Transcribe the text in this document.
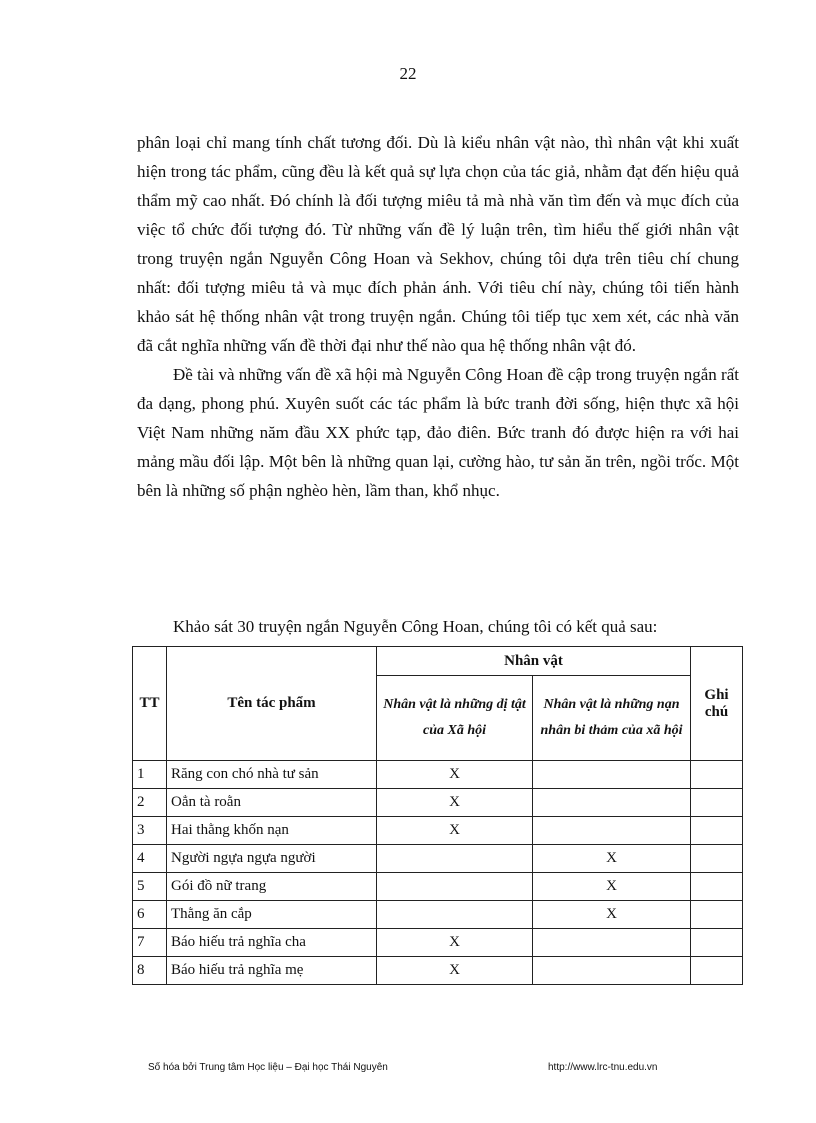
22

phân loại chỉ mang tính chất tương đối. Dù là kiểu nhân vật nào, thì nhân vật khi xuất hiện trong tác phẩm, cũng đều là kết quả sự lựa chọn của tác giả, nhằm đạt đến hiệu quả thẩm mỹ cao nhất. Đó chính là đối tượng miêu tả mà nhà văn tìm đến và mục đích của việc tổ chức đối tượng đó. Từ những vấn đề lý luận trên, tìm hiểu thế giới nhân vật trong truyện ngắn Nguyễn Công Hoan và Sekhov, chúng tôi dựa trên tiêu chí chung nhất: đối tượng miêu tả và mục đích phản ánh. Với tiêu chí này, chúng tôi tiến hành khảo sát hệ thống nhân vật trong truyện ngắn. Chúng tôi tiếp tục xem xét, các nhà văn đã cắt nghĩa những vấn đề thời đại như thế nào qua hệ thống nhân vật đó.

Đề tài và những vấn đề xã hội mà Nguyễn Công Hoan đề cập trong truyện ngắn rất đa dạng, phong phú. Xuyên suốt các tác phẩm là bức tranh đời sống, hiện thực xã hội Việt Nam những năm đầu XX phức tạp, đảo điên. Bức tranh đó được hiện ra với hai mảng mầu đối lập. Một bên là những quan lại, cường hào, tư sản ăn trên, ngồi trốc. Một bên là những số phận nghèo hèn, lầm than, khổ nhục.

Khảo sát 30 truyện ngắn Nguyễn Công Hoan, chúng tôi có kết quả sau:
TT	Tên tác phẩm	Nhân vật		Ghi chú
		Nhân vật là những dị tật của Xã hội	Nhân vật là những nạn nhân bi thảm của xã hội	
1	Răng con chó nhà tư sản	X		
2	Oẳn tà roằn	X		
3	Hai thằng khốn nạn	X		
4	Người ngựa ngựa người		X	
5	Gói đồ nữ trang		X	
6	Thằng ăn cắp		X	
7	Báo hiếu trả nghĩa cha	X		
8	Báo hiếu trả nghĩa mẹ	X		
Số hóa bởi Trung tâm Học liệu – Đại học Thái Nguyên	http://www.lrc-tnu.edu.vn
